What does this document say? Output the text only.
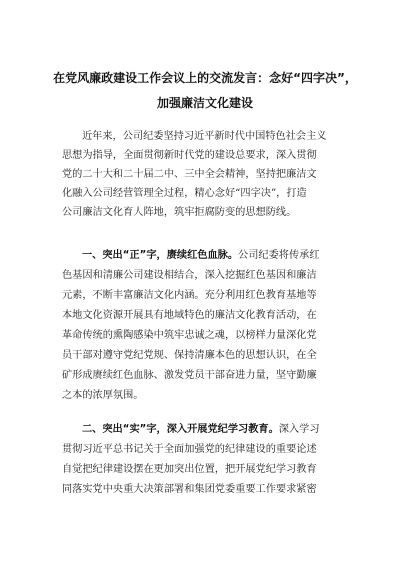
在党风廉政建设工作会议上的交流发言：念好“四字决”，
加强廉洁文化建设
近年来，公司纪委坚持习近平新时代中国特色社会主义
思想为指导，全面贯彻新时代党的建设总要求，深入贯彻
党的二十大和二十届二中、三中全会精神，坚持把廉洁文
化融入公司经营管理全过程，精心念好“四字决”，打造
公司廉洁文化育人阵地，筑牢拒腐防变的思想防线。
一、突出“正”字，赓续红色血脉。公司纪委将传承红
色基因和清廉公司建设相结合，深入挖掘红色基因和廉洁
元素，不断丰富廉洁文化内涵。充分利用红色教育基地等
本地文化资源开展具有地域特色的廉洁文化教育活动，在
革命传统的熏陶感染中筑牢忠诚之魂，以榜样力量深化党
员干部对遵守党纪党规、保持清廉本色的思想认识，在全
矿形成赓续红色血脉、激发党员干部奋进力量，坚守勤廉
之本的浓厚氛围。
二、突出“实”字，深入开展党纪学习教育。深入学习
贯彻习近平总书记关于全面加强党的纪律建设的重要论述
自觉把纪律建设摆在更加突出位置，把开展党纪学习教育
同落实党中央重大决策部署和集团党委重要工作要求紧密
